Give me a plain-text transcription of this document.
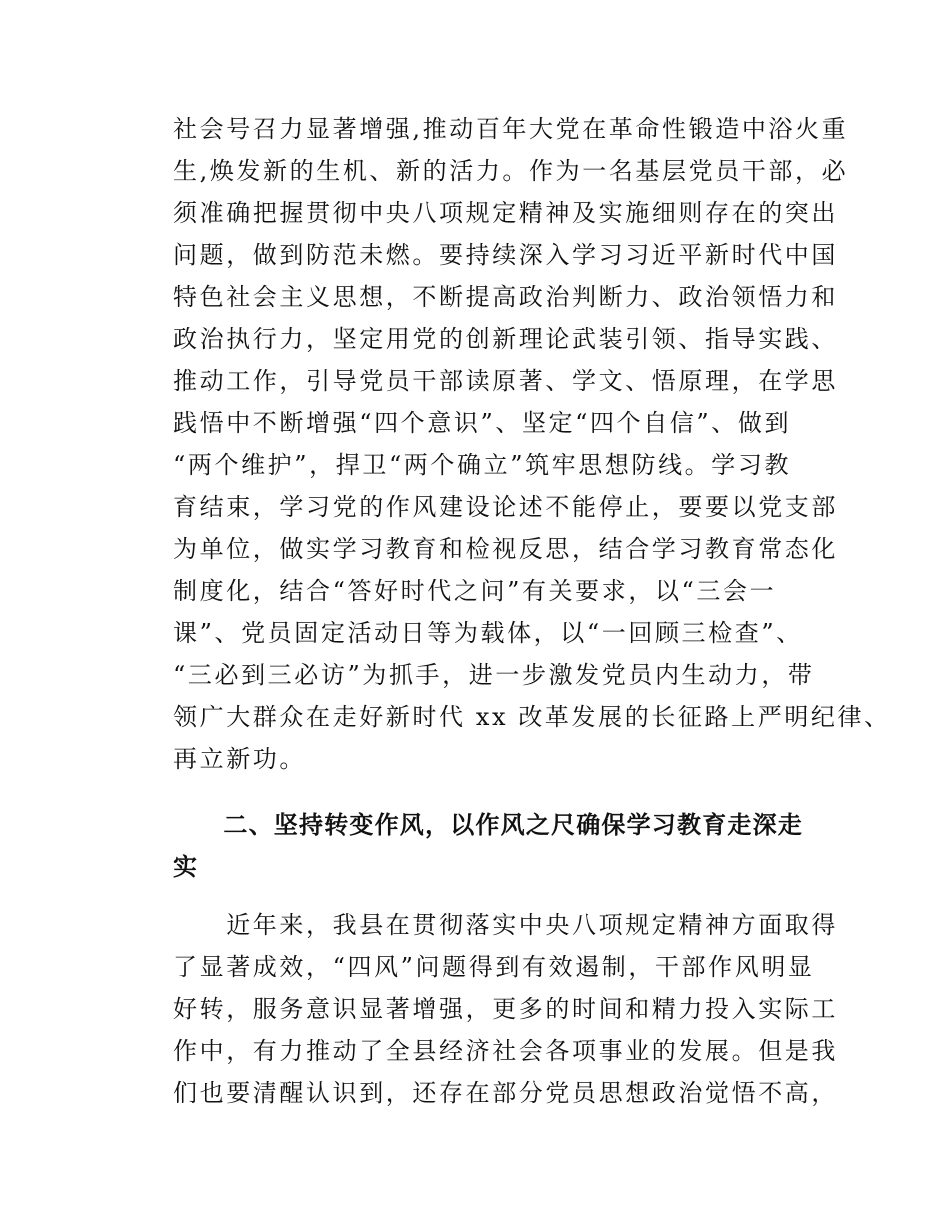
社会号召力显著增强,推动百年大党在革命性锻造中浴火重
生,焕发新的生机、新的活力。作为一名基层党员干部，必
须准确把握贯彻中央八项规定精神及实施细则存在的突出
问题，做到防范未燃。要持续深入学习习近平新时代中国
特色社会主义思想，不断提高政治判断力、政治领悟力和
政治执行力，坚定用党的创新理论武装引领、指导实践、
推动工作，引导党员干部读原著、学文、悟原理，在学思
践悟中不断增强“四个意识”、坚定“四个自信”、做到
“两个维护”，捍卫“两个确立”筑牢思想防线。学习教
育结束，学习党的作风建设论述不能停止，要要以党支部
为单位，做实学习教育和检视反思，结合学习教育常态化
制度化，结合“答好时代之问”有关要求，以“三会一
课”、党员固定活动日等为载体，以“一回顾三检查”、
“三必到三必访”为抓手，进一步激发党员内生动力，带
领广大群众在走好新时代 xx 改革发展的长征路上严明纪律、
再立新功。
　　二、坚持转变作风，以作风之尺确保学习教育走深走
实
　　近年来，我县在贯彻落实中央八项规定精神方面取得
了显著成效，“四风”问题得到有效遏制，干部作风明显
好转，服务意识显著增强，更多的时间和精力投入实际工
作中，有力推动了全县经济社会各项事业的发展。但是我
们也要清醒认识到，还存在部分党员思想政治觉悟不高，
